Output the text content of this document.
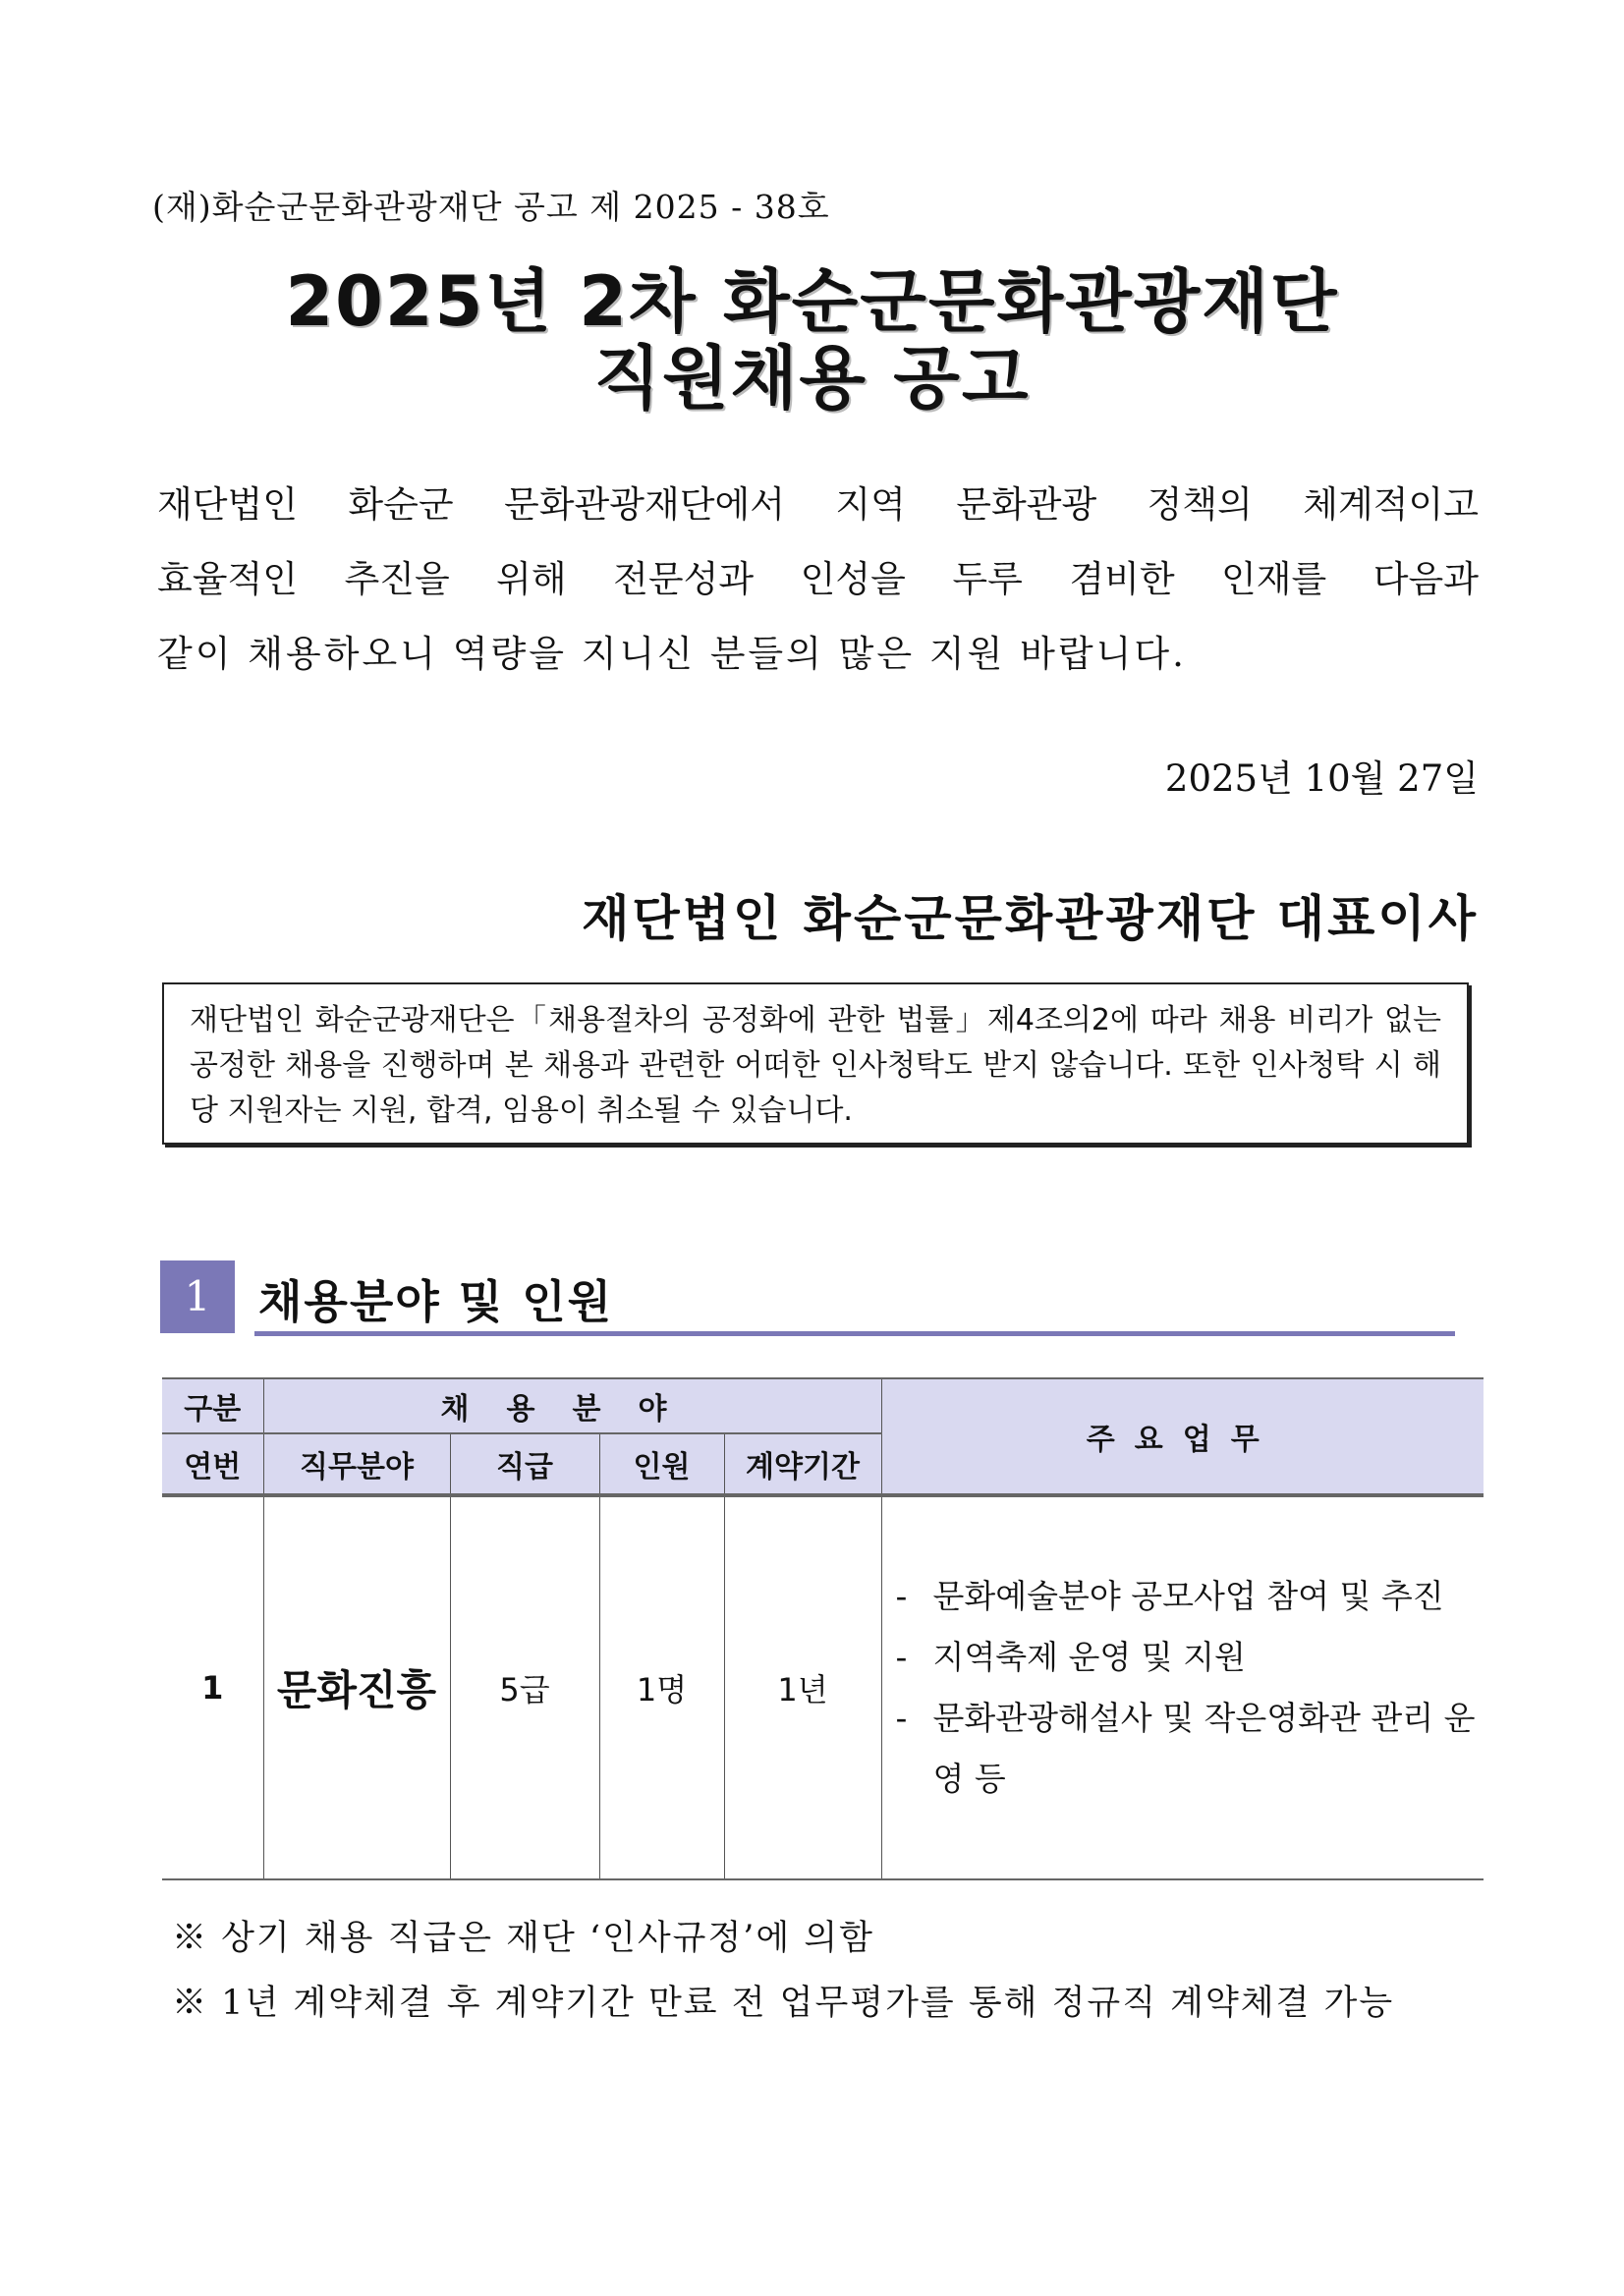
(재)화순군문화관광재단 공고 제 2025 - 38호
2025년 2차 화순군문화관광재단
직원채용 공고
재단법인 화순군 문화관광재단에서 지역 문화관광 정책의 체계적이고
효율적인 추진을 위해 전문성과 인성을 두루 겸비한 인재를 다음과
같이 채용하오니 역량을 지니신 분들의 많은 지원 바랍니다.
2025년 10월 27일
재단법인 화순군문화관광재단 대표이사
재단법인 화순군광재단은「채용절차의 공정화에 관한 법률」제4조의2에 따라 채용 비리가 없는 공정한 채용을 진행하며 본 채용과 관련한 어떠한 인사청탁도 받지 않습니다. 또한 인사청탁 시 해당 지원자는 지원, 합격, 임용이 취소될 수 있습니다.
1	채용분야 및 인원
구분	채용분야				주요업무
연번	직무분야	직급	인원	계약기간	
1	문화진흥	5급	1명	1년	- 문화예술분야 공모사업 참여 및 추진
- 지역축제 운영 및 지원
- 문화관광해설사 및 작은영화관 관리 운영 등
※ 상기 채용 직급은 재단 ‘인사규정’에 의함
※ 1년 계약체결 후 계약기간 만료 전 업무평가를 통해 정규직 계약체결 가능
